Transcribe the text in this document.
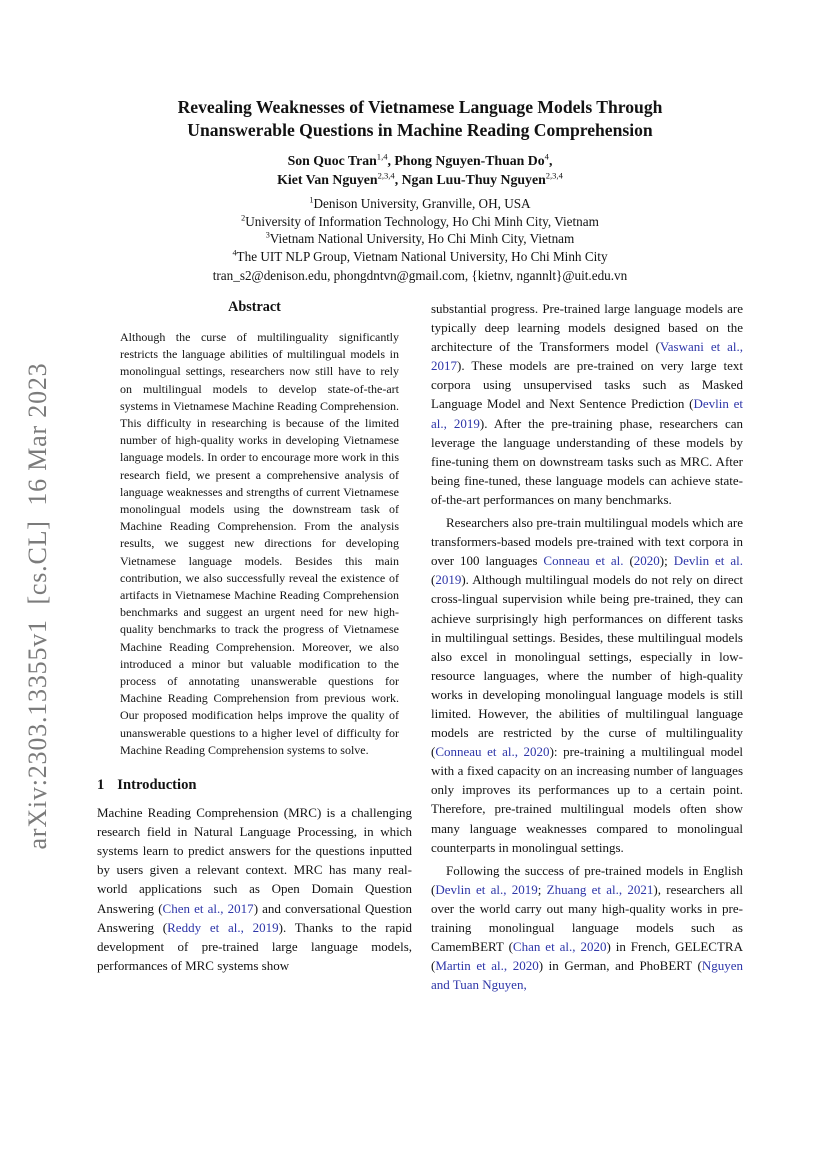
arXiv:2303.13355v1  [cs.CL]  16 Mar 2023
Revealing Weaknesses of Vietnamese Language Models Through
Unanswerable Questions in Machine Reading Comprehension
Son Quoc Tran$^{1,4}$, Phong Nguyen-Thuan Do$^4$,
Kiet Van Nguyen$^{2,3,4}$, Ngan Luu-Thuy Nguyen$^{2,3,4}$
$^1$Denison University, Granville, OH, USA
$^2$University of Information Technology, Ho Chi Minh City, Vietnam
$^3$Vietnam National University, Ho Chi Minh City, Vietnam
$^4$The UIT NLP Group, Vietnam National University, Ho Chi Minh City
tran_s2@denison.edu, phongdntvn@gmail.com, {kietnv, ngannlt}@uit.edu.vn
Abstract

Although the curse of multilinguality significantly restricts the language abilities of multilingual models in monolingual settings, researchers now still have to rely on multilingual models to develop state-of-the-art systems in Vietnamese Machine Reading Comprehension. This difficulty in researching is because of the limited number of high-quality works in developing Vietnamese language models. In order to encourage more work in this research field, we present a comprehensive analysis of language weaknesses and strengths of current Vietnamese monolingual models using the downstream task of Machine Reading Comprehension. From the analysis results, we suggest new directions for developing Vietnamese language models. Besides this main contribution, we also successfully reveal the existence of artifacts in Vietnamese Machine Reading Comprehension benchmarks and suggest an urgent need for new high-quality benchmarks to track the progress of Vietnamese Machine Reading Comprehension. Moreover, we also introduced a minor but valuable modification to the process of annotating unanswerable questions for Machine Reading Comprehension from previous work. Our proposed modification helps improve the quality of unanswerable questions to a higher level of difficulty for Machine Reading Comprehension systems to solve.

1 Introduction

Machine Reading Comprehension (MRC) is a challenging research field in Natural Language Processing, in which systems learn to predict answers for the questions inputted by users given a relevant context. MRC has many real-world applications such as Open Domain Question Answering (Chen et al., 2017) and conversational Question Answering (Reddy et al., 2019). Thanks to the rapid development of pre-trained large language models, performances of MRC systems show

substantial progress. Pre-trained large language models are typically deep learning models designed based on the architecture of the Transformers model (Vaswani et al., 2017). These models are pre-trained on very large text corpora using unsupervised tasks such as Masked Language Model and Next Sentence Prediction (Devlin et al., 2019). After the pre-training phase, researchers can leverage the language understanding of these models by fine-tuning them on downstream tasks such as MRC. After being fine-tuned, these language models can achieve state-of-the-art performances on many benchmarks.

Researchers also pre-train multilingual models which are transformers-based models pre-trained with text corpora in over 100 languages Conneau et al. (2020); Devlin et al. (2019). Although multilingual models do not rely on direct cross-lingual supervision while being pre-trained, they can achieve surprisingly high performances on different tasks in multilingual settings. Besides, these multilingual models also excel in monolingual settings, especially in low-resource languages, where the number of high-quality works in developing monolingual language models is still limited. However, the abilities of multilingual language models are restricted by the curse of multilinguality (Conneau et al., 2020): pre-training a multilingual model with a fixed capacity on an increasing number of languages only improves its performances up to a certain point. Therefore, pre-trained multilingual models often show many language weaknesses compared to monolingual counterparts in monolingual settings.

Following the success of pre-trained models in English (Devlin et al., 2019; Zhuang et al., 2021), researchers all over the world carry out many high-quality works in pre-training monolingual language models such as CamemBERT (Chan et al., 2020) in French, GELECTRA (Martin et al., 2020) in German, and PhoBERT (Nguyen and Tuan Nguyen,
